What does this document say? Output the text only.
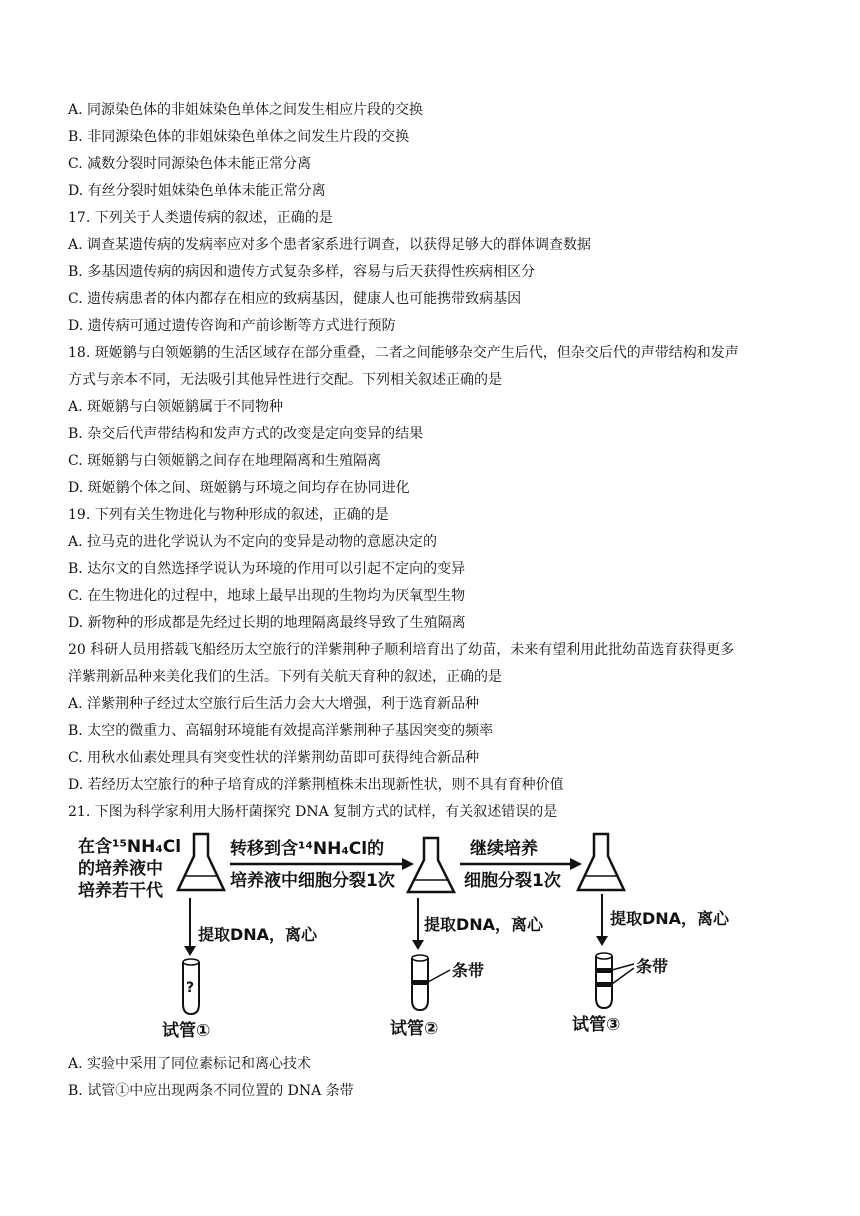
A. 同源染色体的非姐妹染色单体之间发生相应片段的交换
B. 非同源染色体的非姐妹染色单体之间发生片段的交换
C. 减数分裂时同源染色体未能正常分离
D. 有丝分裂时姐妹染色单体未能正常分离
17. 下列关于人类遗传病的叙述，正确的是
A. 调查某遗传病的发病率应对多个患者家系进行调查，以获得足够大的群体调查数据
B. 多基因遗传病的病因和遗传方式复杂多样，容易与后天获得性疾病相区分
C. 遗传病患者的体内都存在相应的致病基因，健康人也可能携带致病基因
D. 遗传病可通过遗传咨询和产前诊断等方式进行预防
18. 斑姬鹟与白领姬鹟的生活区域存在部分重叠，二者之间能够杂交产生后代，但杂交后代的声带结构和发声
方式与亲本不同，无法吸引其他异性进行交配。下列相关叙述正确的是
A. 斑姬鹟与白领姬鹟属于不同物种
B. 杂交后代声带结构和发声方式的改变是定向变异的结果
C. 斑姬鹟与白领姬鹟之间存在地理隔离和生殖隔离
D. 斑姬鹟个体之间、斑姬鹟与环境之间均存在协同进化
19. 下列有关生物进化与物种形成的叙述，正确的是
A. 拉马克的进化学说认为不定向的变异是动物的意愿决定的
B. 达尔文的自然选择学说认为环境的作用可以引起不定向的变异
C. 在生物进化的过程中，地球上最早出现的生物均为厌氧型生物
D. 新物种的形成都是先经过长期的地理隔离最终导致了生殖隔离
20 科研人员用搭载飞船经历太空旅行的洋紫荆种子顺利培育出了幼苗，未来有望利用此批幼苗选育获得更多
洋紫荆新品种来美化我们的生活。下列有关航天育种的叙述，正确的是
A. 洋紫荆种子经过太空旅行后生活力会大大增强，利于选育新品种
B. 太空的微重力、高辐射环境能有效提高洋紫荆种子基因突变的频率
C. 用秋水仙素处理具有突变性状的洋紫荆幼苗即可获得纯合新品种
D. 若经历太空旅行的种子培育成的洋紫荆植株未出现新性状，则不具有育种价值
21. 下图为科学家利用大肠杆菌探究 DNA 复制方式的试样，有关叙述错误的是
在含¹⁵NH₄Cl
的培养液中
培养若干代
转移到含¹⁴NH₄Cl的
培养液中细胞分裂1次
继续培养
细胞分裂1次
提取DNA，离心
提取DNA，离心	提取DNA，离心
?
条带	条带
试管①	试管②	试管③
A. 实验中采用了同位素标记和离心技术
B. 试管①中应出现两条不同位置的 DNA 条带
